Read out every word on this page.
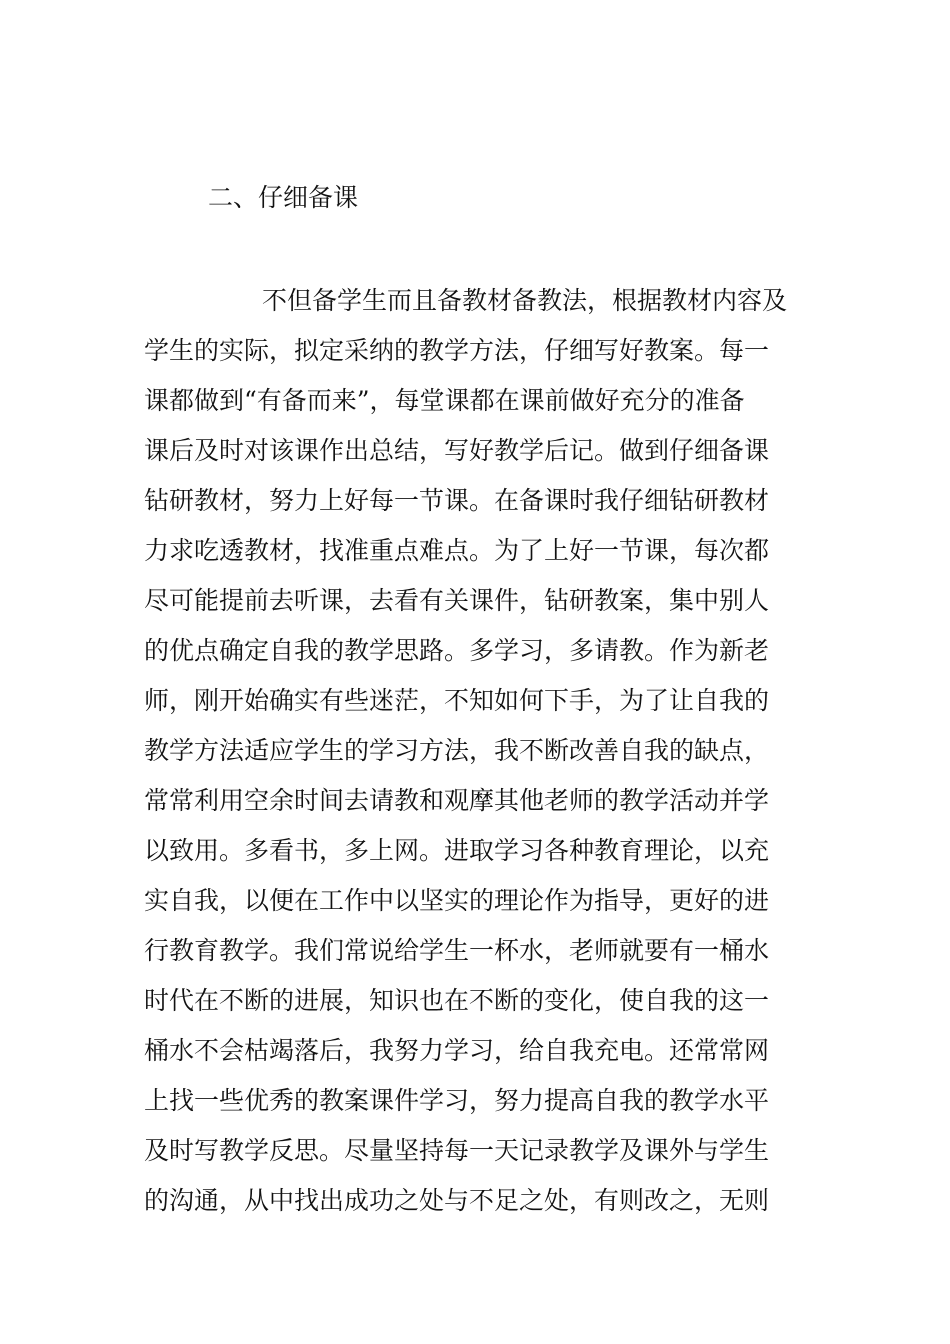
二、仔细备课
不但备学生而且备教材备教法，根据教材内容及
学生的实际，拟定采纳的教学方法，仔细写好教案。每一
课都做到“有备而来”，每堂课都在课前做好充分的准备
课后及时对该课作出总结，写好教学后记。做到仔细备课
钻研教材，努力上好每一节课。在备课时我仔细钻研教材
力求吃透教材，找准重点难点。为了上好一节课，每次都
尽可能提前去听课，去看有关课件，钻研教案，集中别人
的优点确定自我的教学思路。多学习，多请教。作为新老
师，刚开始确实有些迷茫，不知如何下手，为了让自我的
教学方法适应学生的学习方法，我不断改善自我的缺点，
常常利用空余时间去请教和观摩其他老师的教学活动并学
以致用。多看书，多上网。进取学习各种教育理论，以充
实自我，以便在工作中以坚实的理论作为指导，更好的进
行教育教学。我们常说给学生一杯水，老师就要有一桶水
时代在不断的进展，知识也在不断的变化，使自我的这一
桶水不会枯竭落后，我努力学习，给自我充电。还常常网
上找一些优秀的教案课件学习，努力提高自我的教学水平
及时写教学反思。尽量坚持每一天记录教学及课外与学生
的沟通，从中找出成功之处与不足之处，有则改之，无则
